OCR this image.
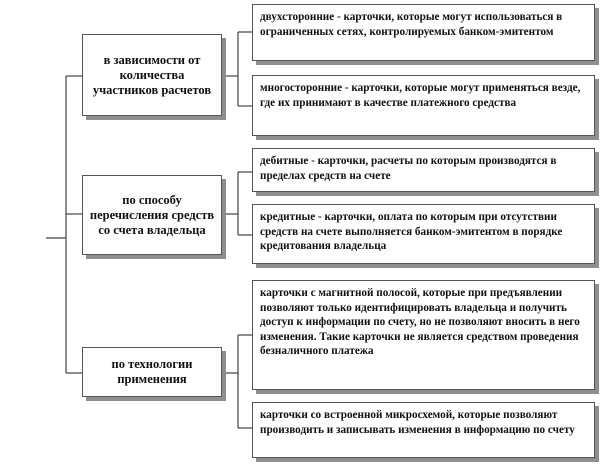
в зависимости от количества участников расчетов
по способу перечисления средств со счета владельца
по технологии применения
двухсторонние - карточки, которые могут использоваться в ограниченных сетях, контролируемых банком-эмитентом
многосторонние - карточки, которые могут применяться везде, где их принимают в качестве платежного средства
дебитные - карточки, расчеты по которым производятся в пределах средств на счете
кредитные - карточки, оплата по которым при отсутствии средств на счете выполняется банком-эмитентом в порядке кредитования владельца
карточки с магнитной полосой, которые при предъявлении позволяют только идентифицировать владельца и получить доступ к информации по счету, но не позволяют вносить в него изменения. Такие карточки не является средством проведения безналичного платежа
карточки со встроенной микросхемой, которые позволяют производить и записывать изменения в информацию по счету
